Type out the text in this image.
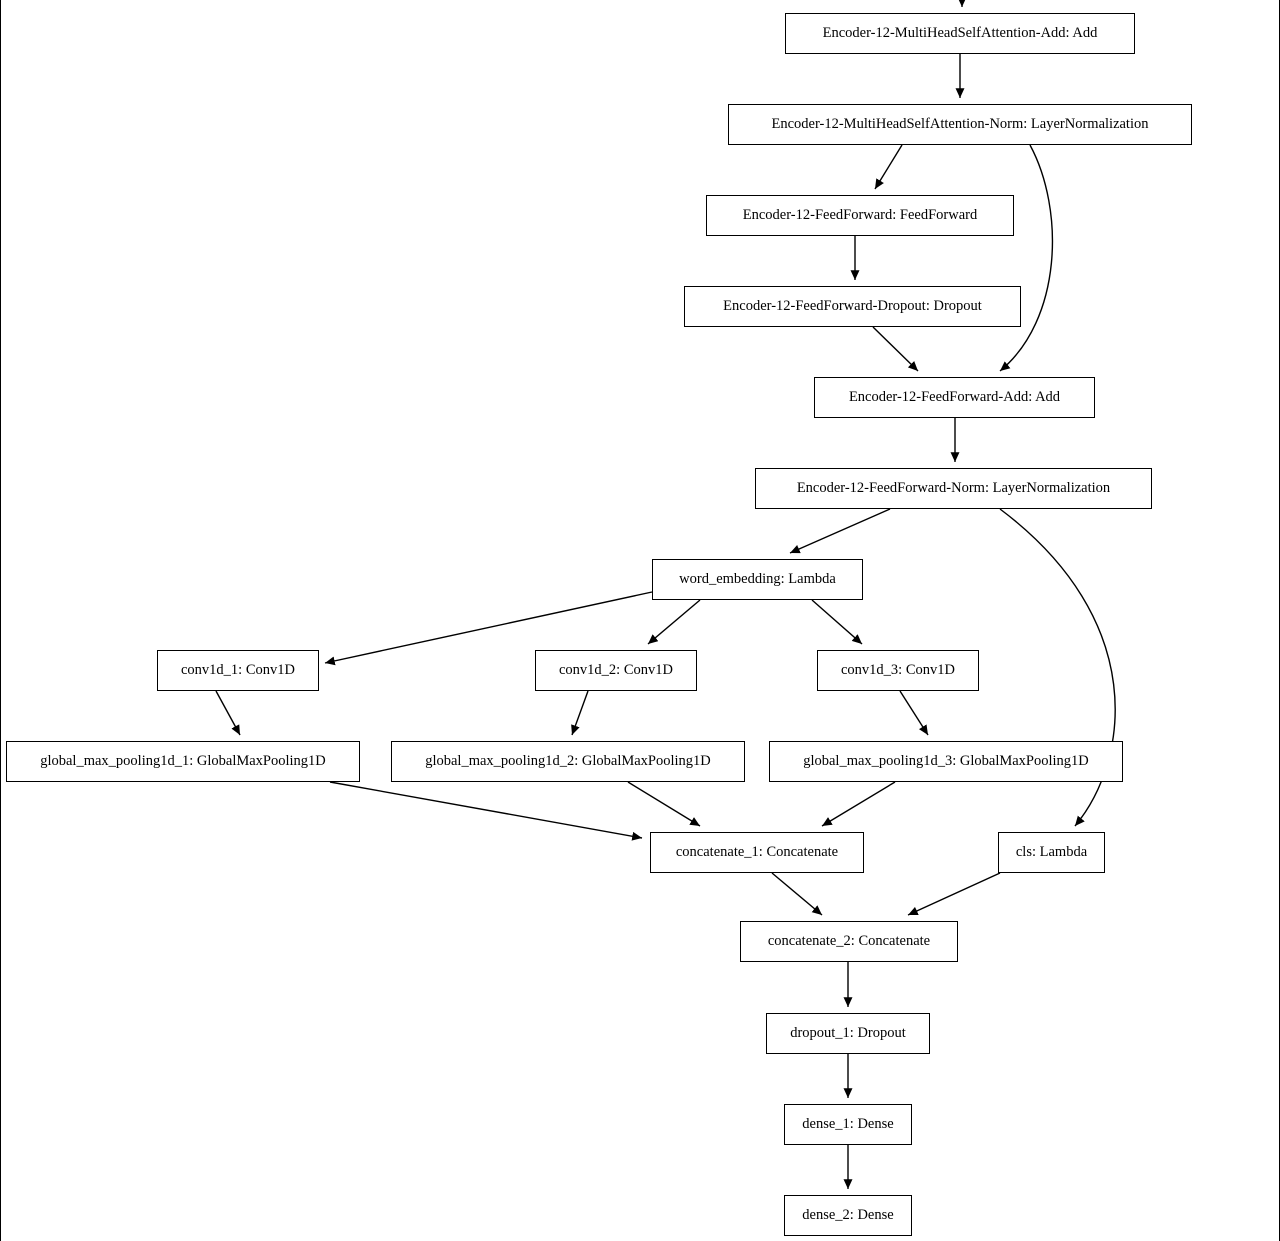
Encoder-12-MultiHeadSelfAttention-Add: Add
Encoder-12-MultiHeadSelfAttention-Norm: LayerNormalization
Encoder-12-FeedForward: FeedForward
Encoder-12-FeedForward-Dropout: Dropout
Encoder-12-FeedForward-Add: Add
Encoder-12-FeedForward-Norm: LayerNormalization
word_embedding: Lambda
conv1d_1: Conv1D	conv1d_2: Conv1D	conv1d_3: Conv1D
global_max_pooling1d_1: GlobalMaxPooling1D	global_max_pooling1d_2: GlobalMaxPooling1D	global_max_pooling1d_3: GlobalMaxPooling1D
concatenate_1: Concatenate	cls: Lambda
concatenate_2: Concatenate
dropout_1: Dropout
dense_1: Dense
dense_2: Dense
